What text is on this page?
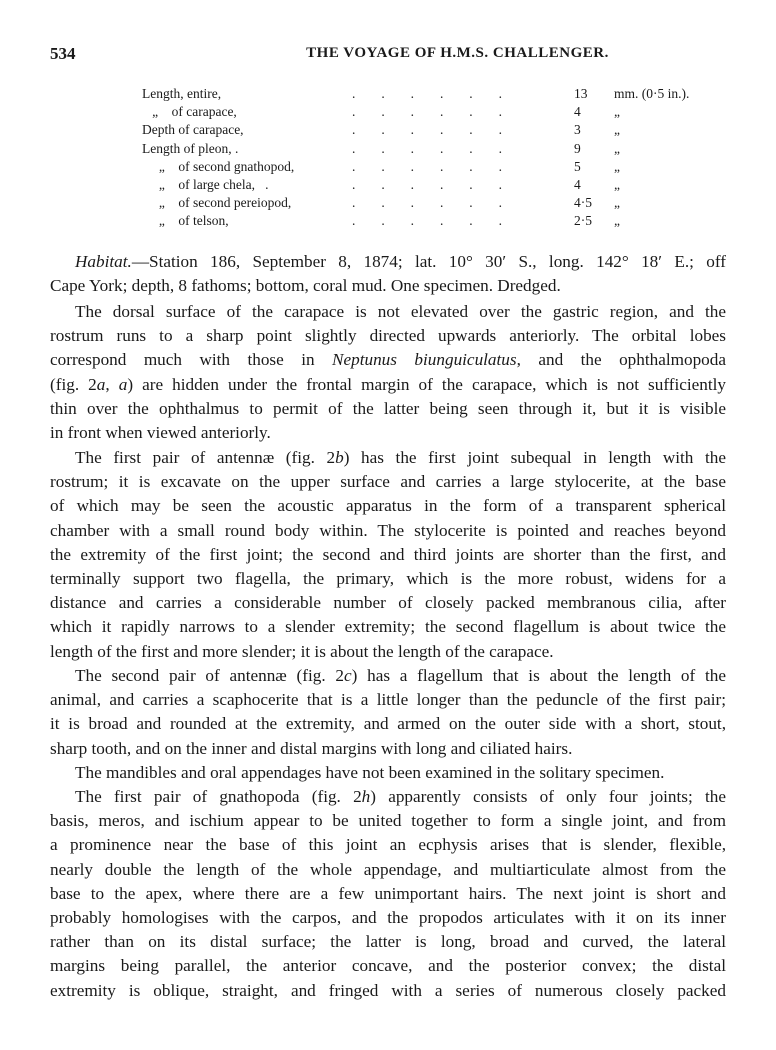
534	THE VOYAGE OF H.M.S. CHALLENGER.
Length, entire,	. . . . . .	13 mm. (0·5 in.).
„    of carapace,	. . . . . .	4 „
Depth of carapace,	. . . . . .	3 „
Length of pleon, .	. . . . . .	9 „
„    of second gnathopod,	. . . . . .	5 „
„    of large chela,   .	. . . . . .	4 „
„    of second pereiopod,	. . . . . .	4·5 „
„    of telson,	. . . . . .	2·5 „
Habitat.—Station 186, September 8, 1874; lat. 10° 30′ S., long. 142° 18′ E.; off
Cape York; depth, 8 fathoms; bottom, coral mud. One specimen. Dredged.
The dorsal surface of the carapace is not elevated over the gastric region, and the
rostrum runs to a sharp point slightly directed upwards anteriorly. The orbital lobes
correspond much with those in Neptunus biunguiculatus, and the ophthalmopoda
(fig. 2a, a) are hidden under the frontal margin of the carapace, which is not sufficiently
thin over the ophthalmus to permit of the latter being seen through it, but it is visible
in front when viewed anteriorly.
The first pair of antennæ (fig. 2b) has the first joint subequal in length with the
rostrum; it is excavate on the upper surface and carries a large stylocerite, at the base
of which may be seen the acoustic apparatus in the form of a transparent spherical
chamber with a small round body within. The stylocerite is pointed and reaches beyond
the extremity of the first joint; the second and third joints are shorter than the first, and
terminally support two flagella, the primary, which is the more robust, widens for a
distance and carries a considerable number of closely packed membranous cilia, after
which it rapidly narrows to a slender extremity; the second flagellum is about twice the
length of the first and more slender; it is about the length of the carapace.
The second pair of antennæ (fig. 2c) has a flagellum that is about the length of the
animal, and carries a scaphocerite that is a little longer than the peduncle of the first pair;
it is broad and rounded at the extremity, and armed on the outer side with a short, stout,
sharp tooth, and on the inner and distal margins with long and ciliated hairs.
The mandibles and oral appendages have not been examined in the solitary specimen.
The first pair of gnathopoda (fig. 2h) apparently consists of only four joints; the
basis, meros, and ischium appear to be united together to form a single joint, and from
a prominence near the base of this joint an ecphysis arises that is slender, flexible,
nearly double the length of the whole appendage, and multiarticulate almost from the
base to the apex, where there are a few unimportant hairs. The next joint is short and
probably homologises with the carpos, and the propodos articulates with it on its inner
rather than on its distal surface; the latter is long, broad and curved, the lateral
margins being parallel, the anterior concave, and the posterior convex; the distal
extremity is oblique, straight, and fringed with a series of numerous closely packed
